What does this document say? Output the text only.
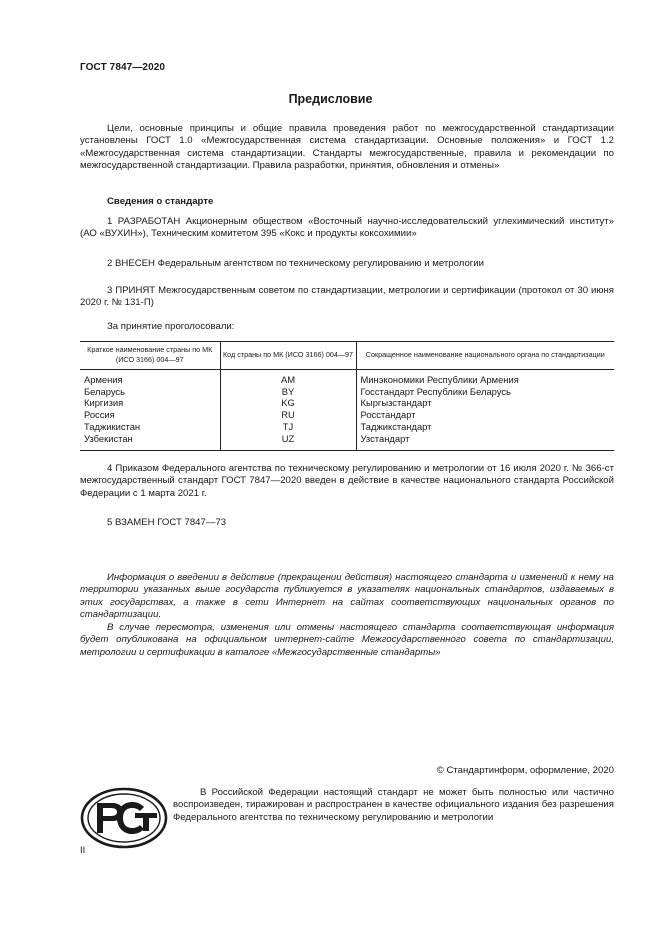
ГОСТ 7847—2020
Предисловие
Цели, основные принципы и общие правила проведения работ по межгосударственной стандартизации установлены ГОСТ 1.0 «Межгосударственная система стандартизации. Основные положения» и ГОСТ 1.2 «Межгосударственная система стандартизации. Стандарты межгосударственные, правила и рекомендации по межгосударственной стандартизации. Правила разработки, принятия, обновления и отмены»
Сведения о стандарте
1 РАЗРАБОТАН Акционерным обществом «Восточный научно-исследовательский углехимический институт» (АО «ВУХИН»), Техническим комитетом 395 «Кокс и продукты коксохимии»
2 ВНЕСЕН Федеральным агентством по техническому регулированию и метрологии
3 ПРИНЯТ Межгосударственным советом по стандартизации, метрологии и сертификации (протокол от 30 июня 2020 г. № 131-П)
За принятие проголосовали:
Краткое наименование страны по МК (ИСО 3166) 004—97	Код страны по МК (ИСО 3166) 004—97	Сокращенное наименование национального органа по стандартизации
Армения	AM	Минэкономики Республики Армения
Беларусь	BY	Госстандарт Республики Беларусь
Киргизия	KG	Кыргызстандарт
Россия	RU	Росстандарт
Таджикистан	TJ	Таджикстандарт
Узбекистан	UZ	Узстандарт
4 Приказом Федерального агентства по техническому регулированию и метрологии от 16 июля 2020 г. № 366-ст межгосударственный стандарт ГОСТ 7847—2020 введен в действие в качестве национального стандарта Российской Федерации с 1 марта 2021 г.
5 ВЗАМЕН ГОСТ 7847—73
Информация о введении в действие (прекращении действия) настоящего стандарта и изменений к нему на территории указанных выше государств публикуется в указателях национальных стандартов, издаваемых в этих государствах, а также в сети Интернет на сайтах соответствующих национальных органов по стандартизации.
В случае пересмотра, изменения или отмены настоящего стандарта соответствующая информация будет опубликована на официальном интернет-сайте Межгосударственного совета по стандартизации, метрологии и сертификации в каталоге «Межгосударственные стандарты»
© Стандартинформ, оформление, 2020
В Российской Федерации настоящий стандарт не может быть полностью или частично воспроизведен, тиражирован и распространен в качестве официального издания без разрешения Федерального агентства по техническому регулированию и метрологии
II
